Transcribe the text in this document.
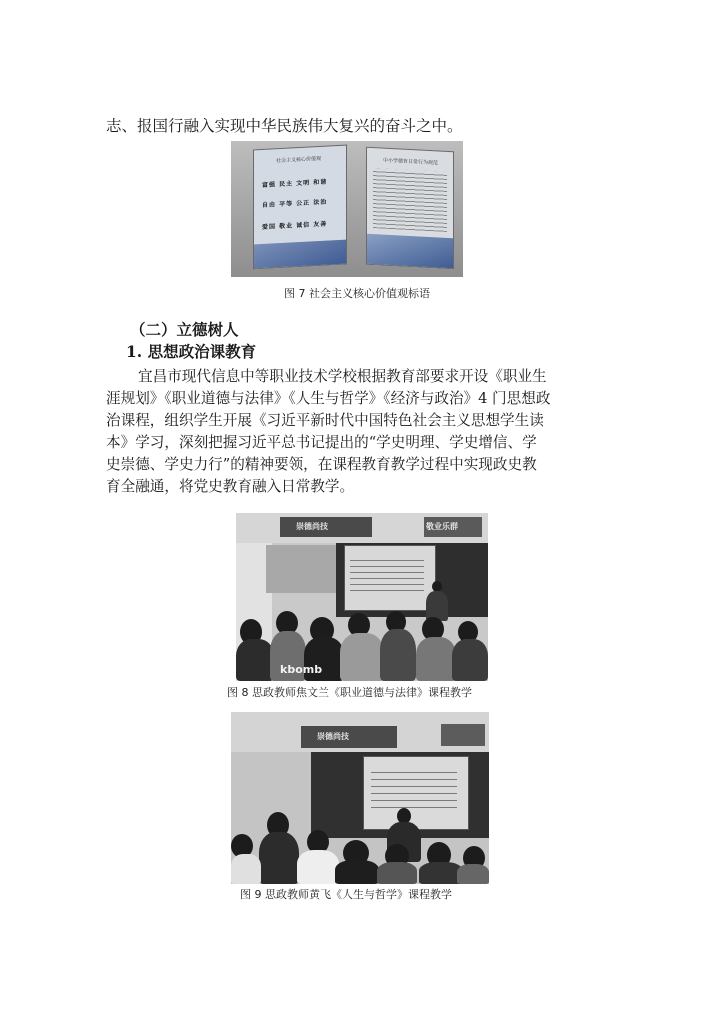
志、报国行融入实现中华民族伟大复兴的奋斗之中。
社会主义核心价值观
富强 民主 文明 和谐
自由 平等 公正 法治
爱国 敬业 诚信 友善
中小学德育日常行为规范
图 7 社会主义核心价值观标语
（二）立德树人
1. 思想政治课教育
宜昌市现代信息中等职业技术学校根据教育部要求开设《职业生
涯规划》《职业道德与法律》《人生与哲学》《经济与政治》4 门思想政
治课程，组织学生开展《习近平新时代中国特色社会主义思想学生读
本》学习，深刻把握习近平总书记提出的“学史明理、学史增信、学
史崇德、学史力行”的精神要领，在课程教育教学过程中实现政史教
育全融通，将党史教育融入日常教学。
崇德尚技	敬业乐群
kbomb
图 8 思政教师焦文兰《职业道德与法律》课程教学
崇德尚技
图 9 思政教师黄飞《人生与哲学》课程教学
